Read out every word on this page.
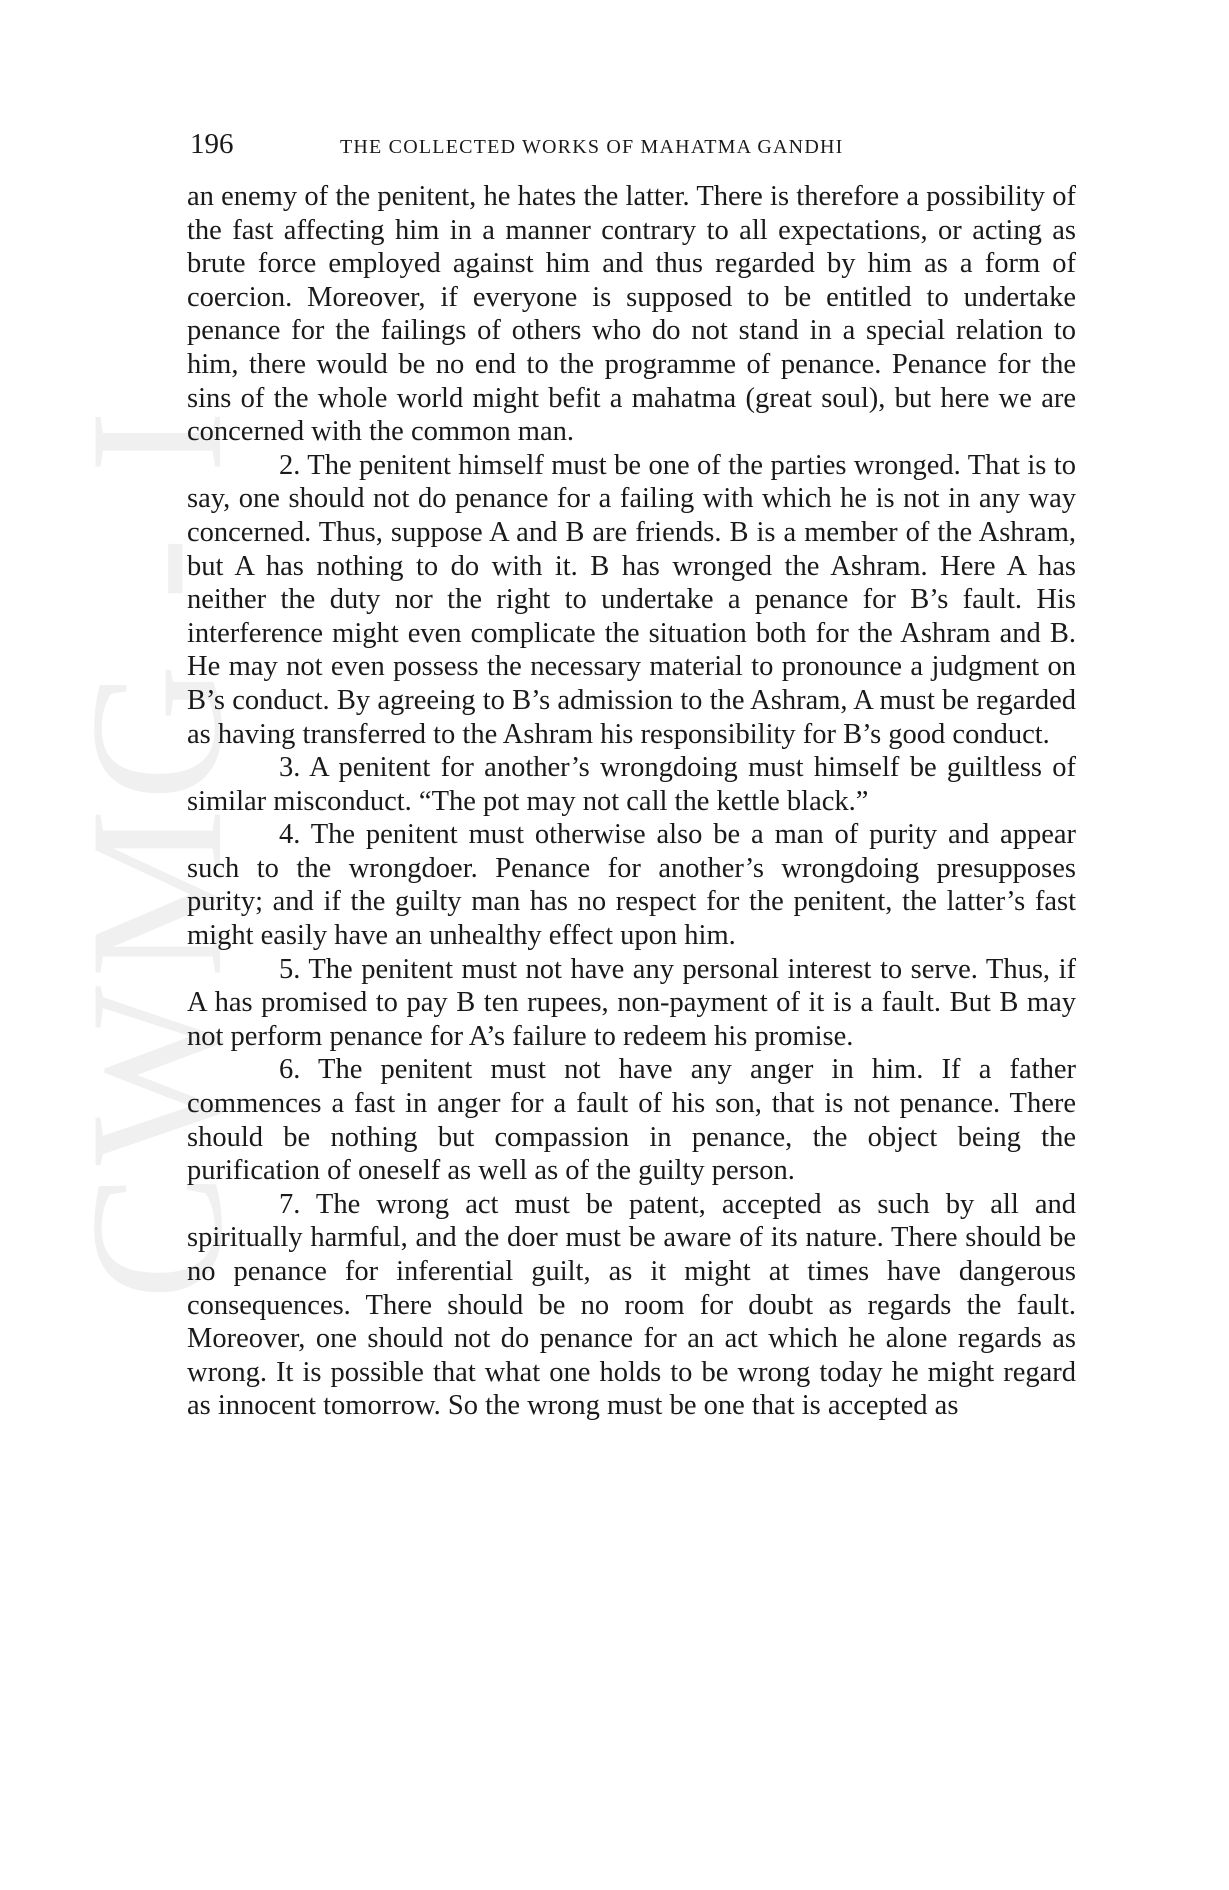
CWMG - I
196	THE COLLECTED WORKS OF MAHATMA GANDHI

an enemy of the penitent, he hates the latter. There is therefore a possibility of the fast affecting him in a manner contrary to all expectations, or acting as brute force employed against him and thus regarded by him as a form of coercion. Moreover, if everyone is supposed to be entitled to undertake penance for the failings of others who do not stand in a special relation to him, there would be no end to the programme of penance. Penance for the sins of the whole world might befit a mahatma (great soul), but here we are concerned with the common man.

2. The penitent himself must be one of the parties wronged. That is to say, one should not do penance for a failing with which he is not in any way concerned. Thus, suppose A and B are friends. B is a member of the Ashram, but A has nothing to do with it. B has wronged the Ashram. Here A has neither the duty nor the right to undertake a penance for B’s fault. His interference might even complicate the situation both for the Ashram and B. He may not even possess the necessary material to pronounce a judgment on B’s conduct. By agreeing to B’s admission to the Ashram, A must be regarded as having transferred to the Ashram his responsibility for B’s good conduct.

3. A penitent for another’s wrongdoing must himself be guiltless of similar misconduct. “The pot may not call the kettle black.”

4. The penitent must otherwise also be a man of purity and appear such to the wrongdoer. Penance for another’s wrongdoing presupposes purity; and if the guilty man has no respect for the penitent, the latter’s fast might easily have an unhealthy effect upon him.

5. The penitent must not have any personal interest to serve. Thus, if A has promised to pay B ten rupees, non-payment of it is a fault. But B may not perform penance for A’s failure to redeem his promise.

6. The penitent must not have any anger in him. If a father commences a fast in anger for a fault of his son, that is not penance. There should be nothing but compassion in penance, the object being the purification of oneself as well as of the guilty person.

7. The wrong act must be patent, accepted as such by all and spiritually harmful, and the doer must be aware of its nature. There should be no penance for inferential guilt, as it might at times have dangerous consequences. There should be no room for doubt as regards the fault. Moreover, one should not do penance for an act which he alone regards as wrong. It is possible that what one holds to be wrong today he might regard as innocent tomorrow. So the wrong must be one that is accepted as
